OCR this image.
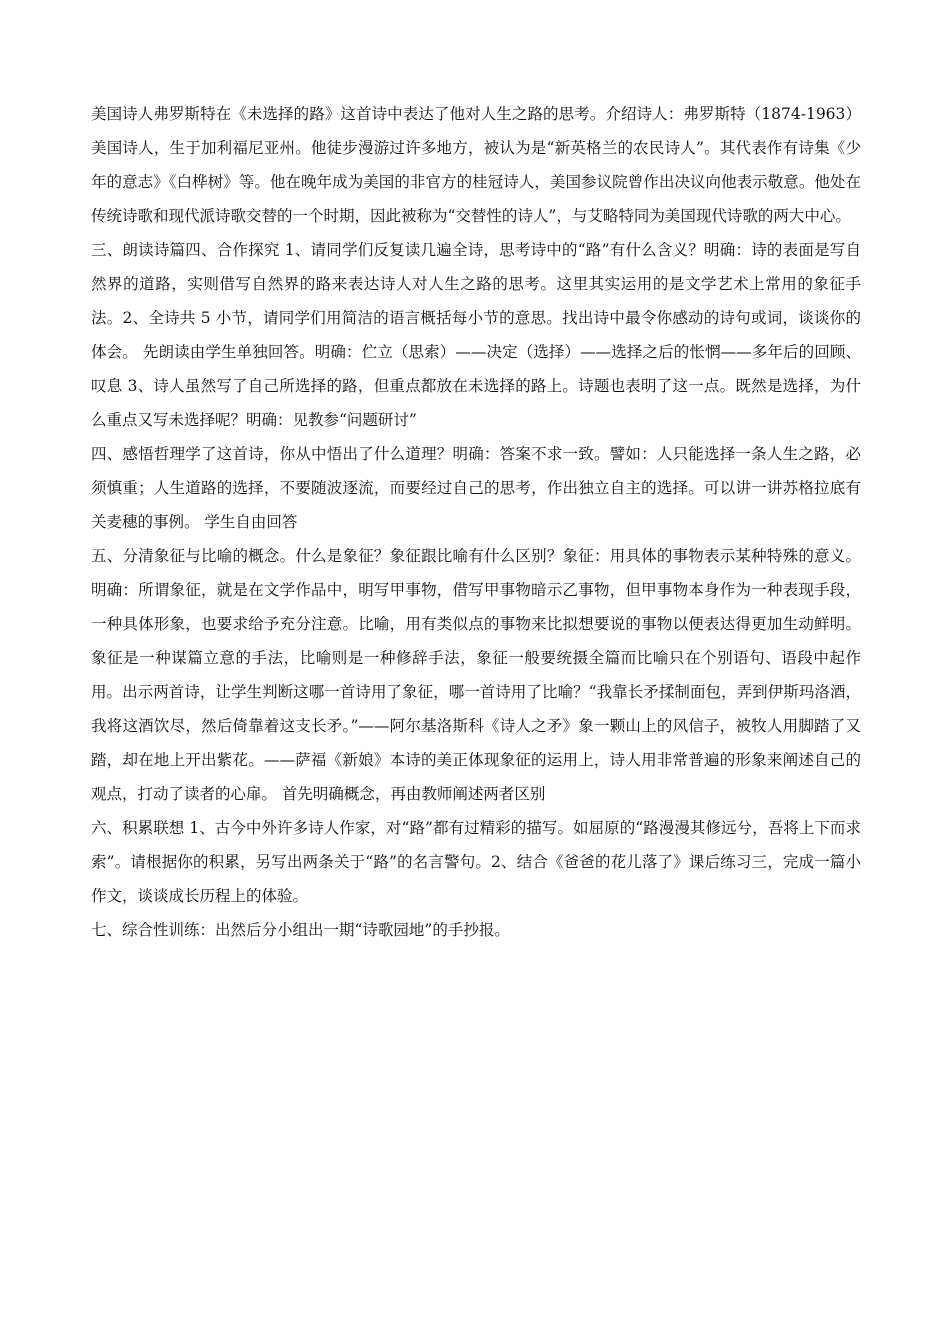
美国诗人弗罗斯特在《未选择的路》这首诗中表达了他对人生之路的思考。介绍诗人：弗罗斯特（1874-1963）美国诗人，生于加利福尼亚州。他徒步漫游过许多地方，被认为是“新英格兰的农民诗人”。其代表作有诗集《少年的意志》《白桦树》等。他在晚年成为美国的非官方的桂冠诗人，美国参议院曾作出决议向他表示敬意。他处在传统诗歌和现代派诗歌交替的一个时期，因此被称为“交替性的诗人”，与艾略特同为美国现代诗歌的两大中心。

三、朗读诗篇四、合作探究 1、请同学们反复读几遍全诗，思考诗中的“路”有什么含义？明确：诗的表面是写自然界的道路，实则借写自然界的路来表达诗人对人生之路的思考。这里其实运用的是文学艺术上常用的象征手法。2、全诗共 5 小节，请同学们用简洁的语言概括每小节的意思。找出诗中最令你感动的诗句或词，谈谈你的体会。 先朗读由学生单独回答。明确：伫立（思索）——决定（选择）——选择之后的怅惘——多年后的回顾、叹息 3、诗人虽然写了自己所选择的路，但重点都放在未选择的路上。诗题也表明了这一点。既然是选择，为什么重点又写未选择呢？明确：见教参“问题研讨”

四、感悟哲理学了这首诗，你从中悟出了什么道理？明确：答案不求一致。譬如：人只能选择一条人生之路，必须慎重；人生道路的选择，不要随波逐流，而要经过自己的思考，作出独立自主的选择。可以讲一讲苏格拉底有关麦穗的事例。 学生自由回答

五、分清象征与比喻的概念。什么是象征？象征跟比喻有什么区别？象征：用具体的事物表示某种特殊的意义。明确：所谓象征，就是在文学作品中，明写甲事物，借写甲事物暗示乙事物，但甲事物本身作为一种表现手段，一种具体形象，也要求给予充分注意。比喻，用有类似点的事物来比拟想要说的事物以便表达得更加生动鲜明。象征是一种谋篇立意的手法，比喻则是一种修辞手法，象征一般要统摄全篇而比喻只在个别语句、语段中起作用。出示两首诗，让学生判断这哪一首诗用了象征，哪一首诗用了比喻？“我靠长矛揉制面包，弄到伊斯玛洛酒，我将这酒饮尽，然后倚靠着这支长矛。”——阿尔基洛斯科《诗人之矛》象一颗山上的风信子，被牧人用脚踏了又踏，却在地上开出紫花。——萨福《新娘》本诗的美正体现象征的运用上，诗人用非常普遍的形象来阐述自己的观点，打动了读者的心扉。 首先明确概念，再由教师阐述两者区别

六、积累联想 1、古今中外许多诗人作家，对“路”都有过精彩的描写。如屈原的“路漫漫其修远兮，吾将上下而求索”。请根据你的积累，另写出两条关于“路”的名言警句。2、结合《爸爸的花儿落了》课后练习三，完成一篇小作文，谈谈成长历程上的体验。

七、综合性训练：出然后分小组出一期“诗歌园地”的手抄报。
